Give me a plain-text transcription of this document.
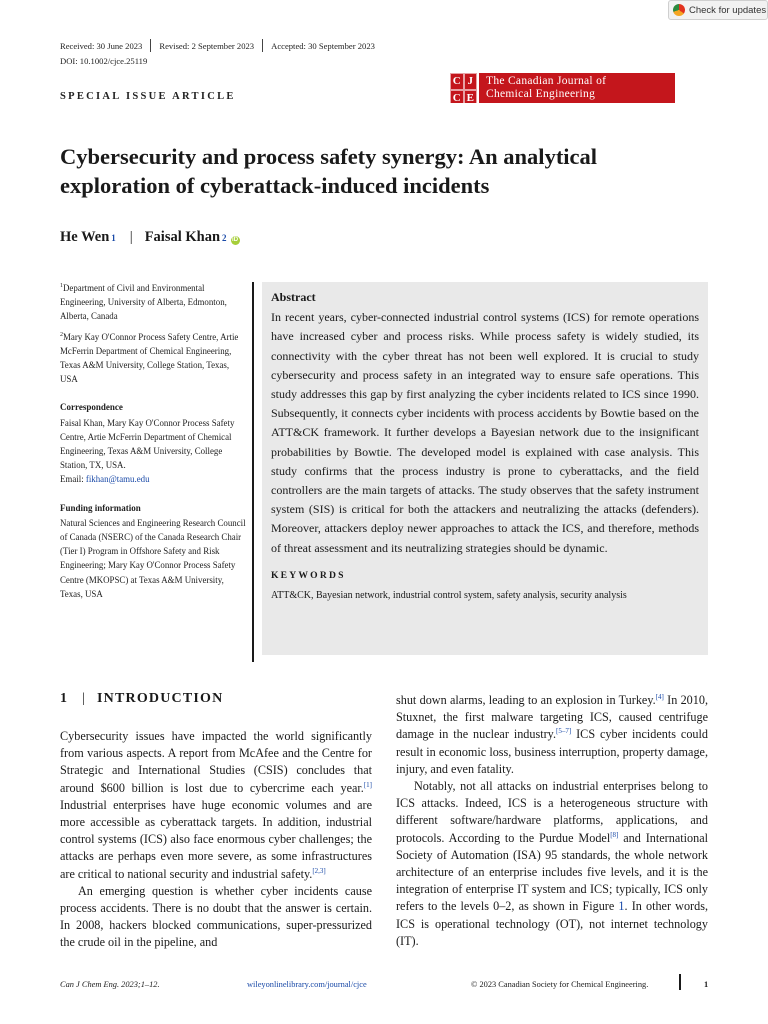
Check for updates
Received: 30 June 2023 Revised: 2 September 2023 Accepted: 30 September 2023
DOI: 10.1002/cjce.25119
SPECIAL ISSUE ARTICLE
C J
C E
The Canadian Journal of
Chemical Engineering
Cybersecurity and process safety synergy: An analytical exploration of cyberattack-induced incidents
He Wen 1 | Faisal Khan 2 iD

$^1$Department of Civil and Environmental Engineering, University of Alberta, Edmonton, Alberta, Canada

$^2$Mary Kay O'Connor Process Safety Centre, Artie McFerrin Department of Chemical Engineering, Texas A&M University, College Station, Texas, USA

Correspondence

Faisal Khan, Mary Kay O'Connor Process Safety Centre, Artie McFerrin Department of Chemical Engineering, Texas A&M University, College Station, TX, USA.
Email: fikhan@tamu.edu

Funding information

Natural Sciences and Engineering Research Council of Canada (NSERC) of the Canada Research Chair (Tier I) Program in Offshore Safety and Risk Engineering; Mary Kay O'Connor Process Safety Centre (MKOPSC) at Texas A&M University, Texas, USA

Abstract
In recent years, cyber-connected industrial control systems (ICS) for remote operations have increased cyber and process risks. While process safety is widely studied, its connectivity with the cyber threat has not been well explored. It is crucial to study cybersecurity and process safety in an integrated way to ensure safe operations. This study addresses this gap by first analyzing the cyber incidents related to ICS since 1990. Subsequently, it connects cyber incidents with process accidents by Bowtie based on the ATT&CK framework. It further develops a Bayesian network due to the insignificant probabilities by Bowtie. The developed model is explained with case analysis. This study confirms that the process industry is prone to cyberattacks, and the field controllers are the main targets of attacks. The study observes that the safety instrument system (SIS) is critical for both the attackers and neutralizing the attacks (defenders). Moreover, attackers deploy newer approaches to attack the ICS, and therefore, methods of threat assessment and its neutralizing strategies should be dynamic.
KEYWORDS
ATT&CK, Bayesian network, industrial control system, safety analysis, security analysis
1 | INTRODUCTION

Cybersecurity issues have impacted the world significantly from various aspects. A report from McAfee and the Centre for Strategic and International Studies (CSIS) concludes that around $600 billion is lost due to cybercrime each year.[1] Industrial enterprises have huge economic volumes and are more accessible as cyberattack targets. In addition, industrial control systems (ICS) also face enormous cyber challenges; the attacks are perhaps even more severe, as some infrastructures are critical to national security and industrial safety.[2,3]

An emerging question is whether cyber incidents cause process accidents. There is no doubt that the answer is certain. In 2008, hackers blocked communications, super-pressurized the crude oil in the pipeline, and

shut down alarms, leading to an explosion in Turkey.[4] In 2010, Stuxnet, the first malware targeting ICS, caused centrifuge damage in the nuclear industry.[5–7] ICS cyber incidents could result in economic loss, business interruption, property damage, injury, and even fatality.

Notably, not all attacks on industrial enterprises belong to ICS attacks. Indeed, ICS is a heterogeneous structure with different software/hardware platforms, applications, and protocols. According to the Purdue Model[8] and International Society of Automation (ISA) 95 standards, the whole network architecture of an enterprise includes five levels, and it is the integration of enterprise IT system and ICS; typically, ICS only refers to the levels 0–2, as shown in Figure 1. In other words, ICS is operational technology (OT), not internet technology (IT).

Can J Chem Eng. 2023;1–12.	wileyonlinelibrary.com/journal/cjce	© 2023 Canadian Society for Chemical Engineering.	1
